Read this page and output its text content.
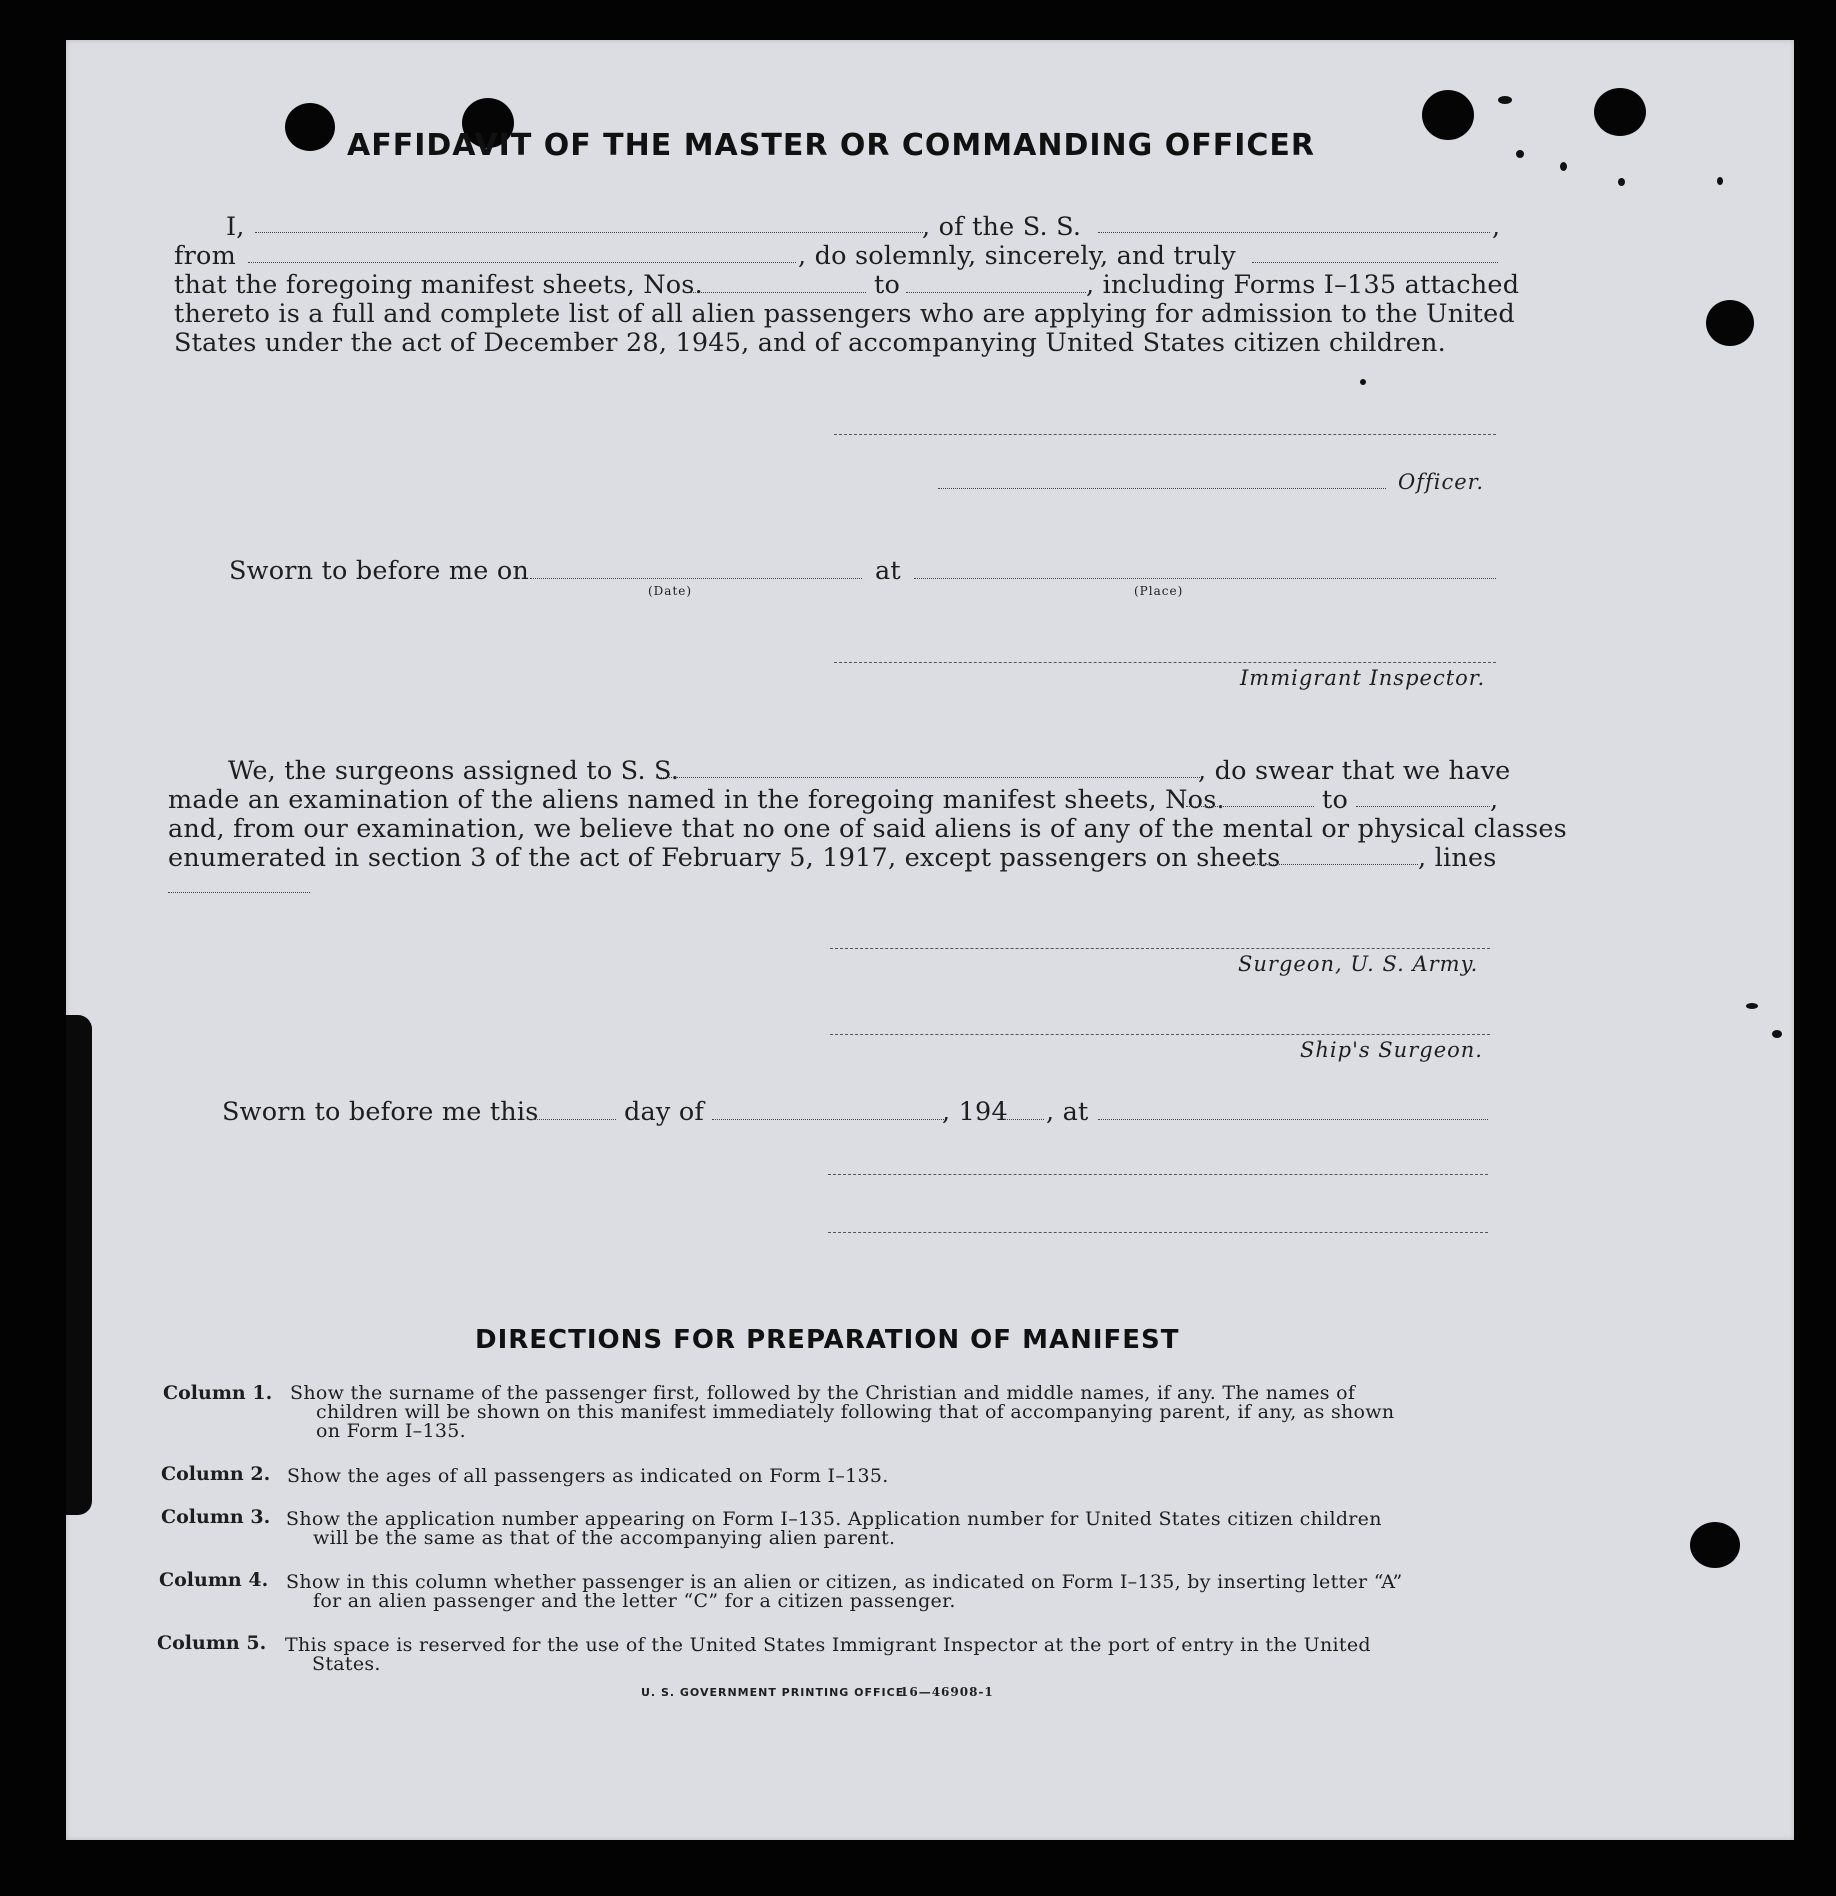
AFFIDAVIT OF THE MASTER OR COMMANDING OFFICER
I,	, of the S. S.	,
from	, do solemnly, sincerely, and truly
that the foregoing manifest sheets, Nos.	to	, including Forms I–135 attached
thereto is a full and complete list of all alien passengers who are applying for admission to the United
States under the act of December 28, 1945, and of accompanying United States citizen children.
Officer.
Sworn to before me on
(Date)
at
(Place)
Immigrant Inspector.
We, the surgeons assigned to S. S.	, do swear that we have
made an examination of the aliens named in the foregoing manifest sheets, Nos.	to	,
and, from our examination, we believe that no one of said aliens is of any of the mental or physical classes
enumerated in section 3 of the act of February 5, 1917, except passengers on sheets	, lines
Surgeon, U. S. Army.
Ship's Surgeon.
Sworn to before me this	day of	, 194 , at
DIRECTIONS FOR PREPARATION OF MANIFEST
Column 1. Show the surname of the passenger first, followed by the Christian and middle names, if any. The names of
children will be shown on this manifest immediately following that of accompanying parent, if any, as shown
on Form I–135.
Column 2. Show the ages of all passengers as indicated on Form I–135.
Column 3. Show the application number appearing on Form I–135. Application number for United States citizen children
will be the same as that of the accompanying alien parent.
Column 4. Show in this column whether passenger is an alien or citizen, as indicated on Form I–135, by inserting letter “A”
for an alien passenger and the letter “C” for a citizen passenger.
Column 5. This space is reserved for the use of the United States Immigrant Inspector at the port of entry in the United
States.
U. S. GOVERNMENT PRINTING OFFICE
16—46908-1
